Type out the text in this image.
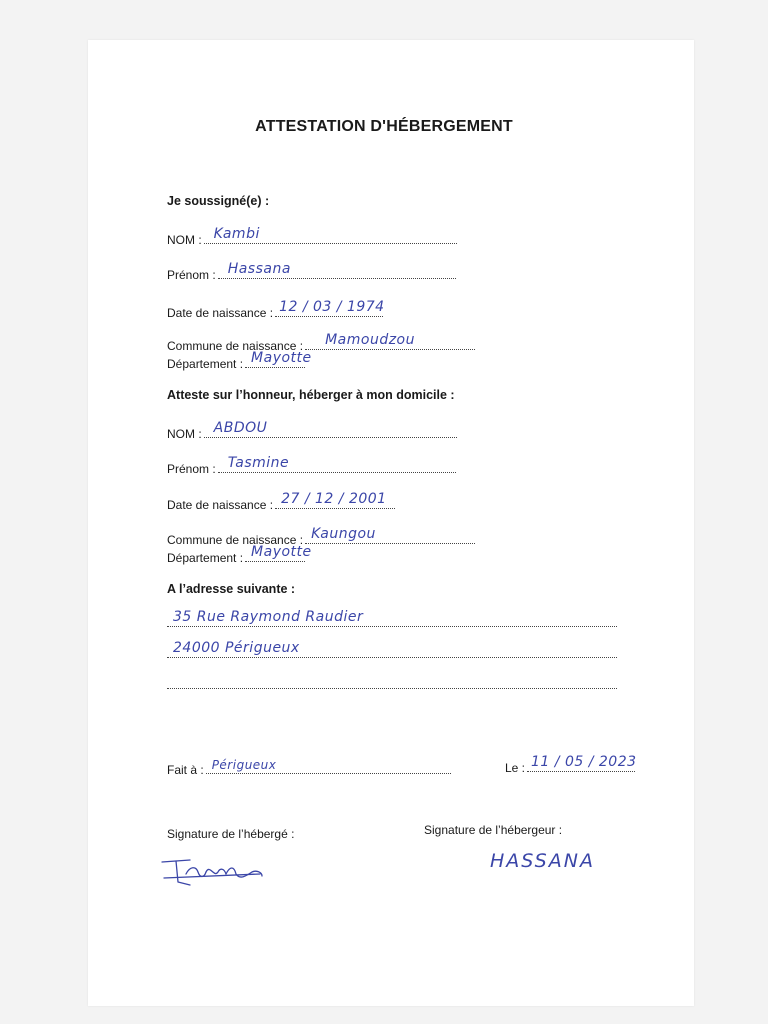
ATTESTATION D'HÉBERGEMENT
Je soussigné(e) :
NOM : Kambi
Prénom : Hassana
Date de naissance : 12 / 03 / 1974
Commune de naissance : Mamoudzou
Département : Mayotte
Atteste sur l’honneur, héberger à mon domicile :
NOM : ABDOU
Prénom : Tasmine
Date de naissance : 27 / 12 / 2001
Commune de naissance : Kaungou
Département : Mayotte
A l’adresse suivante :
35 Rue Raymond Raudier
24000 Périgueux
Fait à : Périgueux	Le : 11 / 05 / 2023
Signature de l’hébergé :	Signature de l’hébergeur :
HASSANA
